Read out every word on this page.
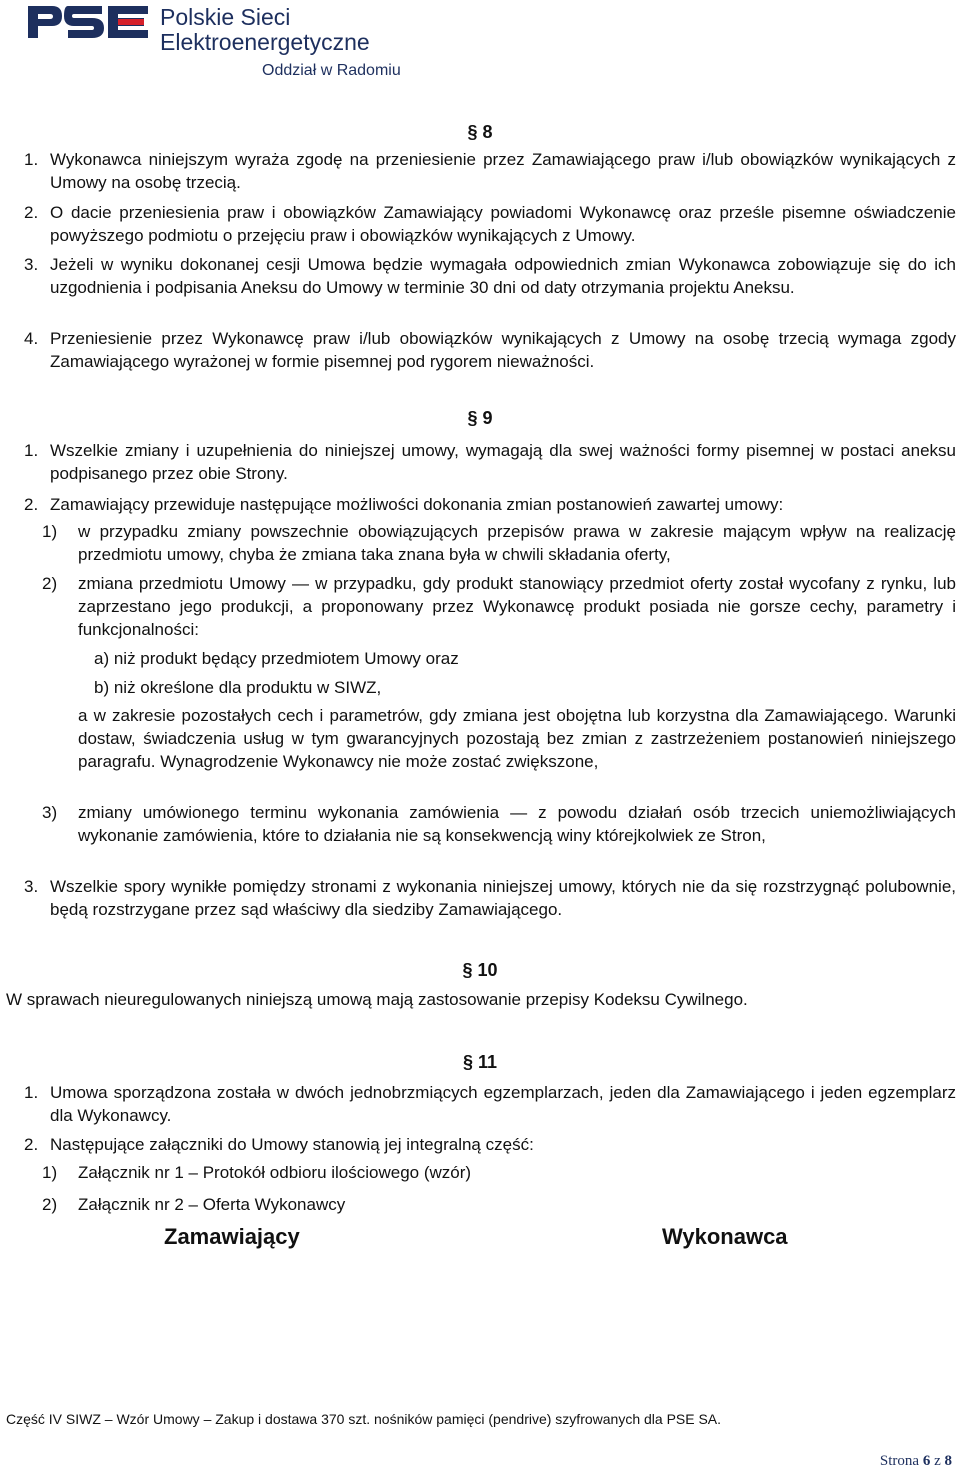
Polskie Sieci
Elektroenergetyczne
Oddział w Radomiu
§ 8
1. Wykonawca niniejszym wyraża zgodę na przeniesienie przez Zamawiającego praw i/lub obowiązków wynikających z Umowy na osobę trzecią.
2. O dacie przeniesienia praw i obowiązków Zamawiający powiadomi Wykonawcę oraz prześle pisemne oświadczenie powyższego podmiotu o przejęciu praw i obowiązków wynikających z Umowy.
3. Jeżeli w wyniku dokonanej cesji Umowa będzie wymagała odpowiednich zmian Wykonawca zobowiązuje się do ich uzgodnienia i podpisania Aneksu do Umowy w terminie 30 dni od daty otrzymania projektu Aneksu.
4. Przeniesienie przez Wykonawcę praw i/lub obowiązków wynikających z Umowy na osobę trzecią wymaga zgody Zamawiającego wyrażonej w formie pisemnej pod rygorem nieważności.
§ 9
1. Wszelkie zmiany i uzupełnienia do niniejszej umowy, wymagają dla swej ważności formy pisemnej w postaci aneksu podpisanego przez obie Strony.
2. Zamawiający przewiduje następujące możliwości dokonania zmian postanowień zawartej umowy:
1) w przypadku zmiany powszechnie obowiązujących przepisów prawa w zakresie mającym wpływ na realizację przedmiotu umowy, chyba że zmiana taka znana była w chwili składania oferty,
2) zmiana przedmiotu Umowy — w przypadku, gdy produkt stanowiący przedmiot oferty został wycofany z rynku, lub zaprzestano jego produkcji, a proponowany przez Wykonawcę produkt posiada nie gorsze cechy, parametry i funkcjonalności:
a) niż produkt będący przedmiotem Umowy oraz
b) niż określone dla produktu w SIWZ,
a w zakresie pozostałych cech i parametrów, gdy zmiana jest obojętna lub korzystna dla Zamawiającego. Warunki dostaw, świadczenia usług w tym gwarancyjnych pozostają bez zmian z zastrzeżeniem postanowień niniejszego paragrafu. Wynagrodzenie Wykonawcy nie może zostać zwiększone,
3) zmiany umówionego terminu wykonania zamówienia — z powodu działań osób trzecich uniemożliwiających wykonanie zamówienia, które to działania nie są konsekwencją winy którejkolwiek ze Stron,
3. Wszelkie spory wynikłe pomiędzy stronami z wykonania niniejszej umowy, których nie da się rozstrzygnąć polubownie, będą rozstrzygane przez sąd właściwy dla siedziby Zamawiającego.
§ 10
W sprawach nieuregulowanych niniejszą umową mają zastosowanie przepisy Kodeksu Cywilnego.
§ 11
1. Umowa sporządzona została w dwóch jednobrzmiących egzemplarzach, jeden dla Zamawiającego i jeden egzemplarz dla Wykonawcy.
2. Następujące załączniki do Umowy stanowią jej integralną część:
1) Załącznik nr 1 – Protokół odbioru ilościowego (wzór)
2) Załącznik nr 2 – Oferta Wykonawcy
Zamawiający	Wykonawca
Część IV SIWZ – Wzór Umowy – Zakup i dostawa 370 szt. nośników pamięci (pendrive) szyfrowanych dla PSE SA.
Strona 6 z 8
